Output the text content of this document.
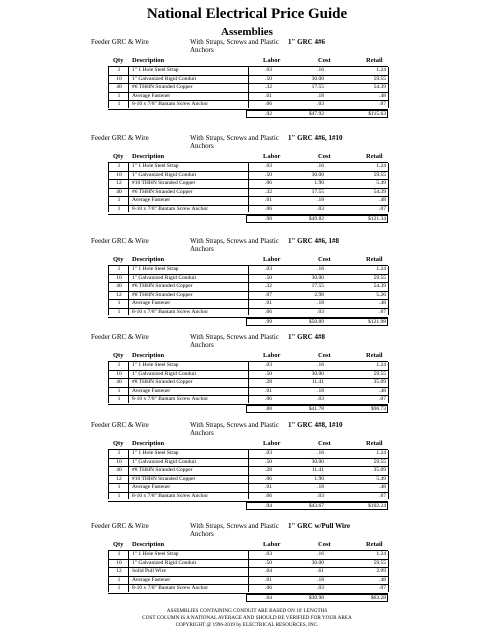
National Electrical Price Guide
Assemblies
Feeder GRC & Wire	With Straps, Screws and Plastic Anchors
1" GRC 4#6
Qty Description	Labor	Cost	Retail
1	1" 1 Hole Steel Strap	.03	.16	1.24
10	1" Galvanized Rigid Conduit	.50	30.00	59.55
40	#6 THHN Stranded Copper	.32	17.55	54.39
1	Average Fastener	.01	.18	.48
1	8-10 x 7/8" Bantam Screw Anchor	.06	.03	.07
.92	$47.92	$115.63
Feeder GRC & Wire	With Straps, Screws and Plastic Anchors
1" GRC 4#6, 1#10
Qty Description	Labor	Cost	Retail
1	1" 1 Hole Steel Strap	.03	.16	1.24
10	1" Galvanized Rigid Conduit	.50	30.00	59.55
12	#10 THHN Stranded Copper	.06	1.90	5.49
40	#6 THHN Stranded Copper	.32	17.55	54.39
1	Average Fastener	.01	.18	.48
1	8-10 x 7/8" Bantam Screw Anchor	.06	.03	.07
.98	$49.82	$121.34
Feeder GRC & Wire	With Straps, Screws and Plastic Anchors
1" GRC 4#6, 1#8
Qty Description	Labor	Cost	Retail
1	1" 1 Hole Steel Strap	.03	.16	1.24
10	1" Galvanized Rigid Conduit	.50	30.00	59.55
40	#6 THHN Stranded Copper	.32	17.55	54.39
12	#8 THHN Stranded Copper	.07	2.98	5.26
1	Average Fastener	.01	.18	.48
1	8-10 x 7/8" Bantam Screw Anchor	.06	.03	.07
.99	$50.89	$121.98
Feeder GRC & Wire	With Straps, Screws and Plastic Anchors
1" GRC 4#8
Qty Description	Labor	Cost	Retail
1	1" 1 Hole Steel Strap	.03	.16	1.24
10	1" Galvanized Rigid Conduit	.50	30.00	59.55
40	#8 THHN Stranded Copper	.28	11.41	35.09
1	Average Fastener	.01	.18	.48
1	8-10 x 7/8" Bantam Screw Anchor	.06	.03	.07
.88	$41.78	$96.73
Feeder GRC & Wire	With Straps, Screws and Plastic Anchors
1" GRC 4#8, 1#10
Qty Description	Labor	Cost	Retail
1	1" 1 Hole Steel Strap	.03	.16	1.24
10	1" Galvanized Rigid Conduit	.50	30.00	59.55
40	#8 THHN Stranded Copper	.28	11.41	35.09
12	#10 THHN Stranded Copper	.06	1.90	5.49
1	Average Fastener	.01	.18	.48
1	8-10 x 7/8" Bantam Screw Anchor	.06	.03	.07
.94	$43.67	$102.24
Feeder GRC & Wire	With Straps, Screws and Plastic Anchors
1" GRC w/Pull Wire
Qty Description	Labor	Cost	Retail
1	1" 1 Hole Steel Strap	.03	.16	1.24
10	1" Galvanized Rigid Conduit	.50	30.00	59.55
12	Solid Pull Wire	.04	.61	2.09
1	Average Fastener	.01	.18	.48
1	8-10 x 7/8" Bantam Screw Anchor	.06	.03	.07
.64	$30.98	$63.28
ASSEMBLIES CONTAINING CONDUIT ARE BASED ON 10' LENGTHS
COST COLUMN IS A NATIONAL AVERAGE AND SHOULD BE VERIFIED FOR YOUR AREA
COPYRIGHT @ 1996-2019 by ELECTRICAL RESOURCES, INC.
